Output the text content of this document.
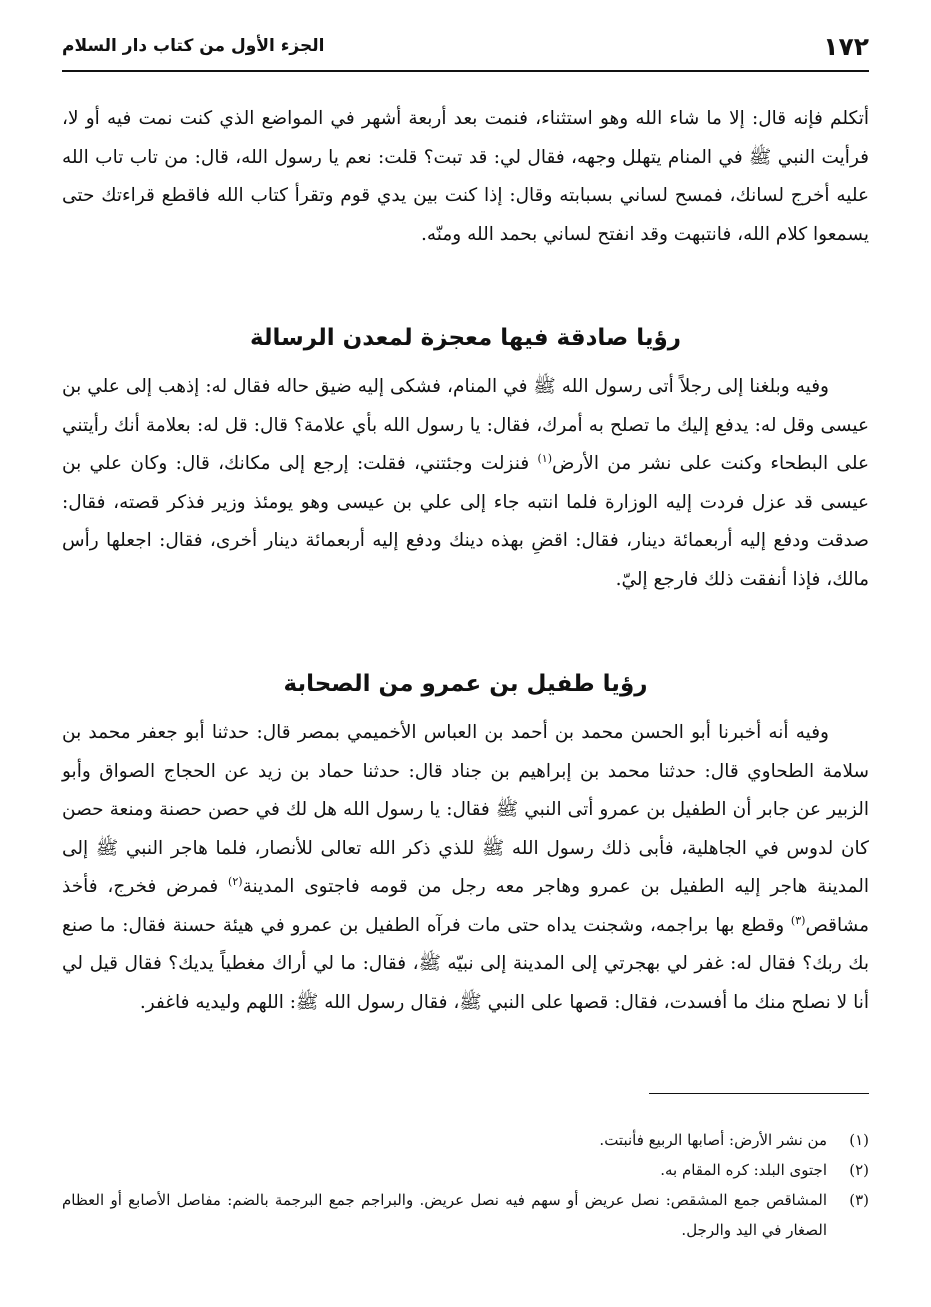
١٧٢
الجزء الأول من كتاب دار السلام

أتكلم فإنه قال: إلا ما شاء الله وهو استثناء، فنمت بعد أربعة أشهر في المواضع الذي كنت نمت فيه أو لا، فرأيت النبي ﷺ في المنام يتهلل وجهه، فقال لي: قد تبت؟ قلت: نعم يا رسول الله، قال: من تاب تاب الله عليه أخرج لسانك، فمسح لساني بسبابته وقال: إذا كنت بين يدي قوم وتقرأ كتاب الله فاقطع قراءتك حتى يسمعوا كلام الله، فانتبهت وقد انفتح لساني بحمد الله ومنّه.

رؤيا صادقة فيها معجزة لمعدن الرسالة

وفيه وبلغنا إلى رجلاً أتى رسول الله ﷺ في المنام، فشكى إليه ضيق حاله فقال له: إذهب إلى علي بن عيسى وقل له: يدفع إليك ما تصلح به أمرك، فقال: يا رسول الله بأي علامة؟ قال: قل له: بعلامة أنك رأيتني على البطحاء وكنت على نشر من الأرض$^{(١)}$ فنزلت وجئتني، فقلت: إرجع إلى مكانك، قال: وكان علي بن عيسى قد عزل فردت إليه الوزارة فلما انتبه جاء إلى علي بن عيسى وهو يومئذ وزير فذكر قصته، فقال: صدقت ودفع إليه أربعمائة دينار، فقال: اقضِ بهذه دينك ودفع إليه أربعمائة دينار أخرى، فقال: اجعلها رأس مالك، فإذا أنفقت ذلك فارجع إليّ.

رؤيا طفيل بن عمرو من الصحابة

وفيه أنه أخبرنا أبو الحسن محمد بن أحمد بن العباس الأخميمي بمصر قال: حدثنا أبو جعفر محمد بن سلامة الطحاوي قال: حدثنا محمد بن إبراهيم بن جناد قال: حدثنا حماد بن زيد عن الحجاج الصواق وأبو الزبير عن جابر أن الطفيل بن عمرو أتى النبي ﷺ فقال: يا رسول الله هل لك في حصن حصنة ومنعة حصن كان لدوس في الجاهلية، فأبى ذلك رسول الله ﷺ للذي ذكر الله تعالى للأنصار، فلما هاجر النبي ﷺ إلى المدينة هاجر إليه الطفيل بن عمرو وهاجر معه رجل من قومه فاجتوى المدينة$^{(٢)}$ فمرض فخرج، فأخذ مشاقص$^{(٣)}$ وقطع بها براجمه، وشجنت يداه حتى مات فرآه الطفيل بن عمرو في هيئة حسنة فقال: ما صنع بك ربك؟ فقال له: غفر لي بهجرتي إلى المدينة إلى نبيّه ﷺ، فقال: ما لي أراك مغطياً يديك؟ فقال قيل لي أنا لا نصلح منك ما أفسدت، فقال: قصها على النبي ﷺ، فقال رسول الله ﷺ: اللهم وليديه فاغفر.

(١)
من نشر الأرض: أصابها الربيع فأنبتت.
(٢)
اجتوى البلد: كره المقام به.
(٣)
المشاقص جمع المشقص: نصل عريض أو سهم فيه نصل عريض. والبراجم جمع البرجمة بالضم: مفاصل الأصابع أو العظام الصغار في اليد والرجل.
